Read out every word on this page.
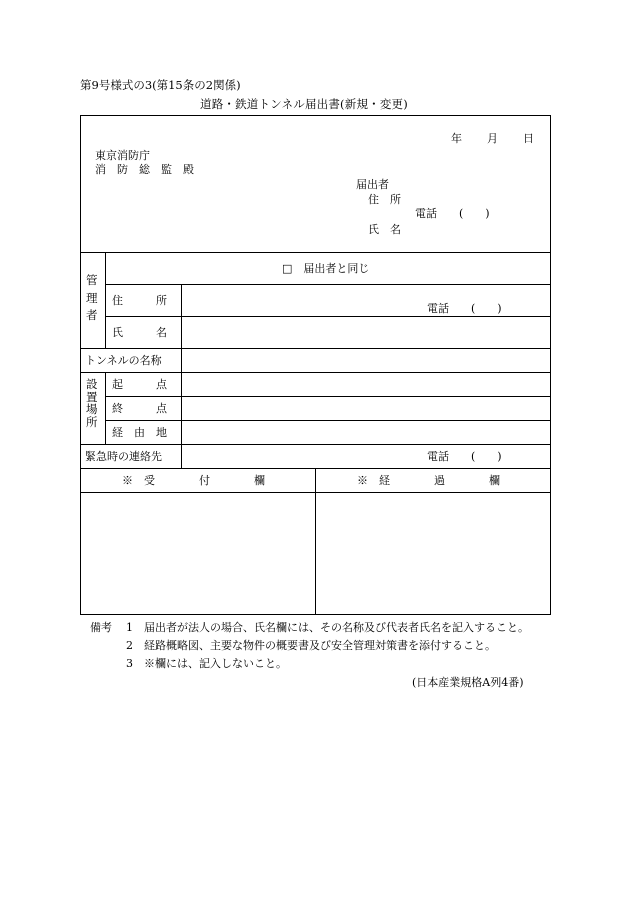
第9号様式の3(第15条の2関係)
道路・鉄道トンネル届出書(新規・変更)
年 月 日
東京消防庁
消　防　総　監　殿
届出者
住　所
電話　　(　　)
氏　名
管
理
者
□　届出者と同じ
住　　　所
電話　　(　　)
氏　　　名
トンネルの名称
設
置
場
所
起　　　点
終　　　点
経　由　地
緊急時の連絡先	電話　　(　　)
※　受　　　　付　　　　欄	※　経　　　　過　　　　欄
備考 1　届出者が法人の場合、氏名欄には、その名称及び代表者氏名を記入すること。
2　経路概略図、主要な物件の概要書及び安全管理対策書を添付すること。
3　※欄には、記入しないこと。
(日本産業規格A列4番)
